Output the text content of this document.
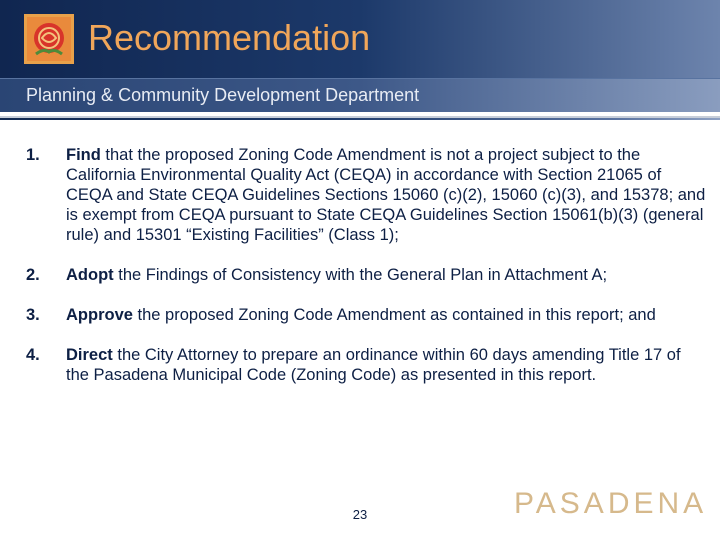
Recommendation
Planning & Community Development Department
1. Find that the proposed Zoning Code Amendment is not a project subject to the California Environmental Quality Act (CEQA) in accordance with Section 21065 of CEQA and State CEQA Guidelines Sections 15060 (c)(2), 15060 (c)(3), and 15378; and is exempt from CEQA pursuant to State CEQA Guidelines Section 15061(b)(3) (general rule) and 15301 “Existing Facilities” (Class 1);
2. Adopt the Findings of Consistency with the General Plan in Attachment A;
3. Approve the proposed Zoning Code Amendment as contained in this report; and
4. Direct the City Attorney to prepare an ordinance within 60 days amending Title 17 of the Pasadena Municipal Code (Zoning Code) as presented in this report.
23	PASADENA
